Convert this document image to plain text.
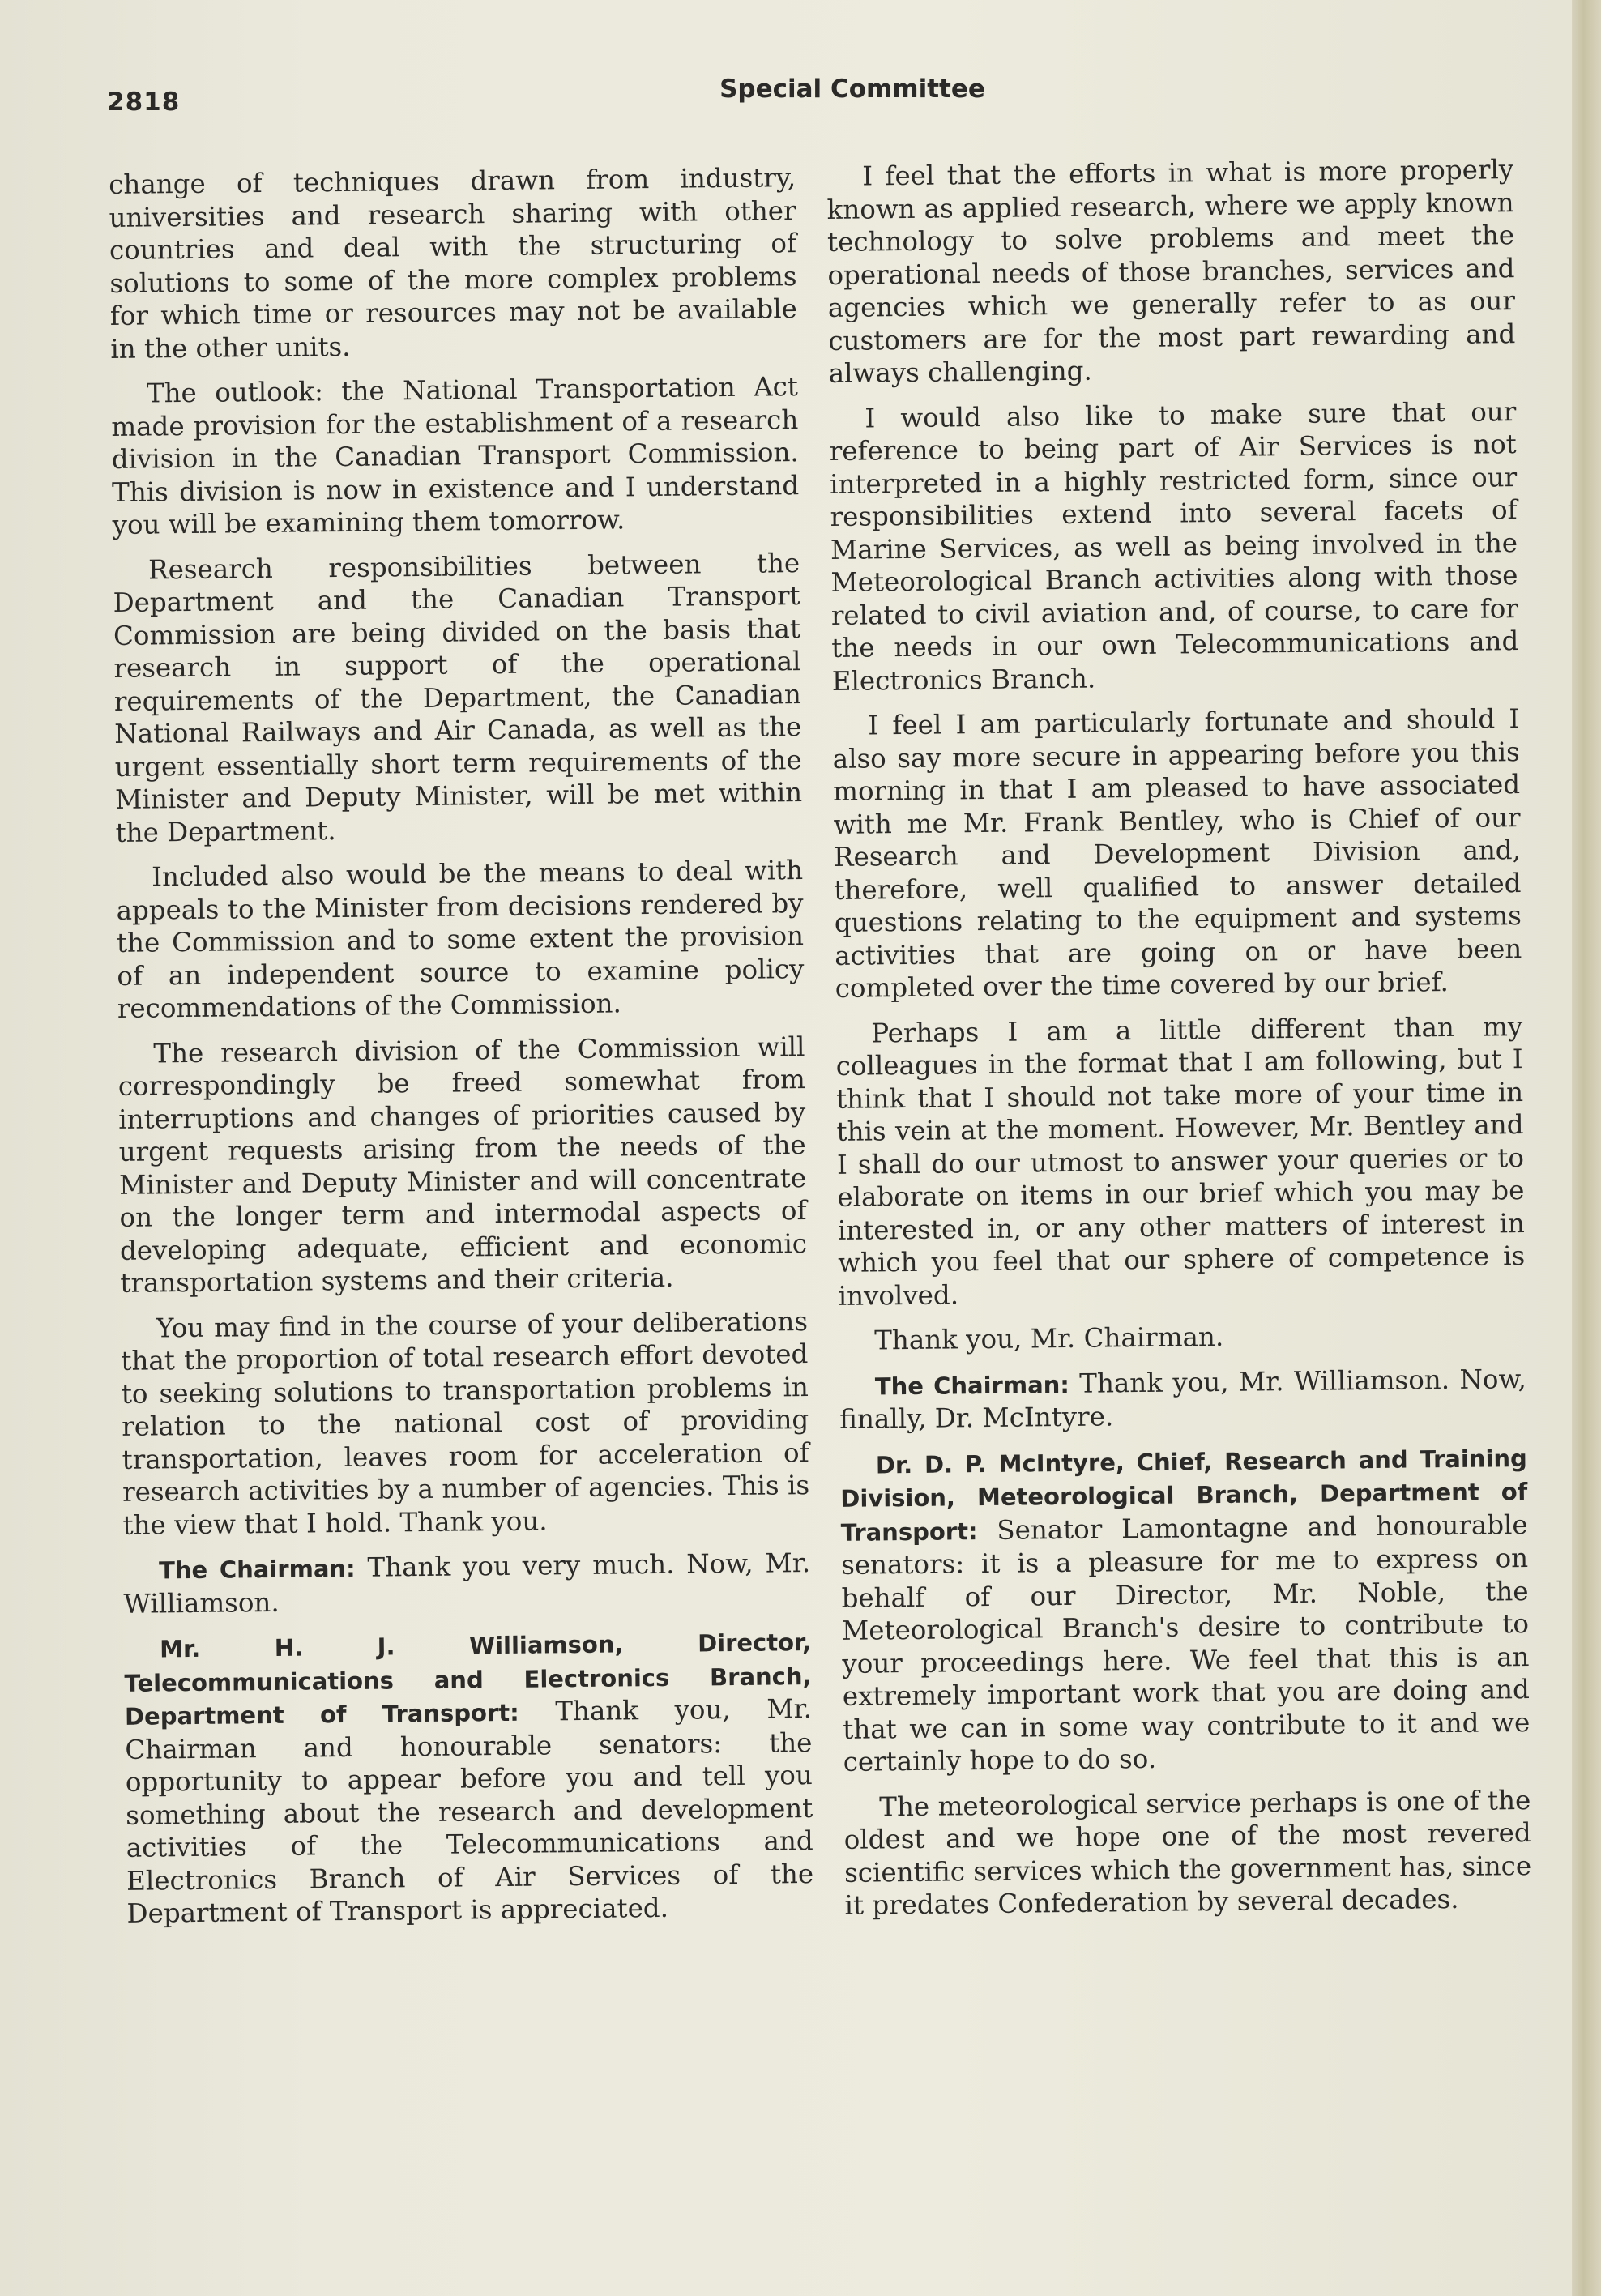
2818	Special Committee

change of techniques drawn from industry, universities and research sharing with other countries and deal with the structuring of solutions to some of the more complex problems for which time or resources may not be available in the other units.

The outlook: the National Transportation Act made provision for the establishment of a research division in the Canadian Transport Commission. This division is now in existence and I understand you will be examining them tomorrow.

Research responsibilities between the Department and the Canadian Transport Commission are being divided on the basis that research in support of the operational requirements of the Department, the Canadian National Railways and Air Canada, as well as the urgent essentially short term requirements of the Minister and Deputy Minister, will be met within the Department.

Included also would be the means to deal with appeals to the Minister from decisions rendered by the Commission and to some extent the provision of an independent source to examine policy recommendations of the Commission.

The research division of the Commission will correspondingly be freed somewhat from interruptions and changes of priorities caused by urgent requests arising from the needs of the Minister and Deputy Minister and will concentrate on the longer term and intermodal aspects of developing adequate, efficient and economic transportation systems and their criteria.

You may find in the course of your deliberations that the proportion of total research effort devoted to seeking solutions to transportation problems in relation to the national cost of providing transportation, leaves room for acceleration of research activities by a number of agencies. This is the view that I hold. Thank you.

The Chairman: Thank you very much. Now, Mr. Williamson.

Mr. H. J. Williamson, Director, Telecommunications and Electronics Branch, Department of Transport: Thank you, Mr. Chairman and honourable senators: the opportunity to appear before you and tell you something about the research and development activities of the Telecommunications and Electronics Branch of Air Services of the Department of Transport is appreciated.

I feel that the efforts in what is more properly known as applied research, where we apply known technology to solve problems and meet the operational needs of those branches, services and agencies which we generally refer to as our customers are for the most part rewarding and always challenging.

I would also like to make sure that our reference to being part of Air Services is not interpreted in a highly restricted form, since our responsibilities extend into several facets of Marine Services, as well as being involved in the Meteorological Branch activities along with those related to civil aviation and, of course, to care for the needs in our own Telecommunications and Electronics Branch.

I feel I am particularly fortunate and should I also say more secure in appearing before you this morning in that I am pleased to have associated with me Mr. Frank Bentley, who is Chief of our Research and Development Division and, therefore, well qualified to answer detailed questions relating to the equipment and systems activities that are going on or have been completed over the time covered by our brief.

Perhaps I am a little different than my colleagues in the format that I am following, but I think that I should not take more of your time in this vein at the moment. However, Mr. Bentley and I shall do our utmost to answer your queries or to elaborate on items in our brief which you may be interested in, or any other matters of interest in which you feel that our sphere of competence is involved.

Thank you, Mr. Chairman.

The Chairman: Thank you, Mr. Williamson. Now, finally, Dr. McIntyre.

Dr. D. P. McIntyre, Chief, Research and Training Division, Meteorological Branch, Department of Transport: Senator Lamontagne and honourable senators: it is a pleasure for me to express on behalf of our Director, Mr. Noble, the Meteorological Branch's desire to contribute to your proceedings here. We feel that this is an extremely important work that you are doing and that we can in some way contribute to it and we certainly hope to do so.

The meteorological service perhaps is one of the oldest and we hope one of the most revered scientific services which the government has, since it predates Confederation by several decades.
